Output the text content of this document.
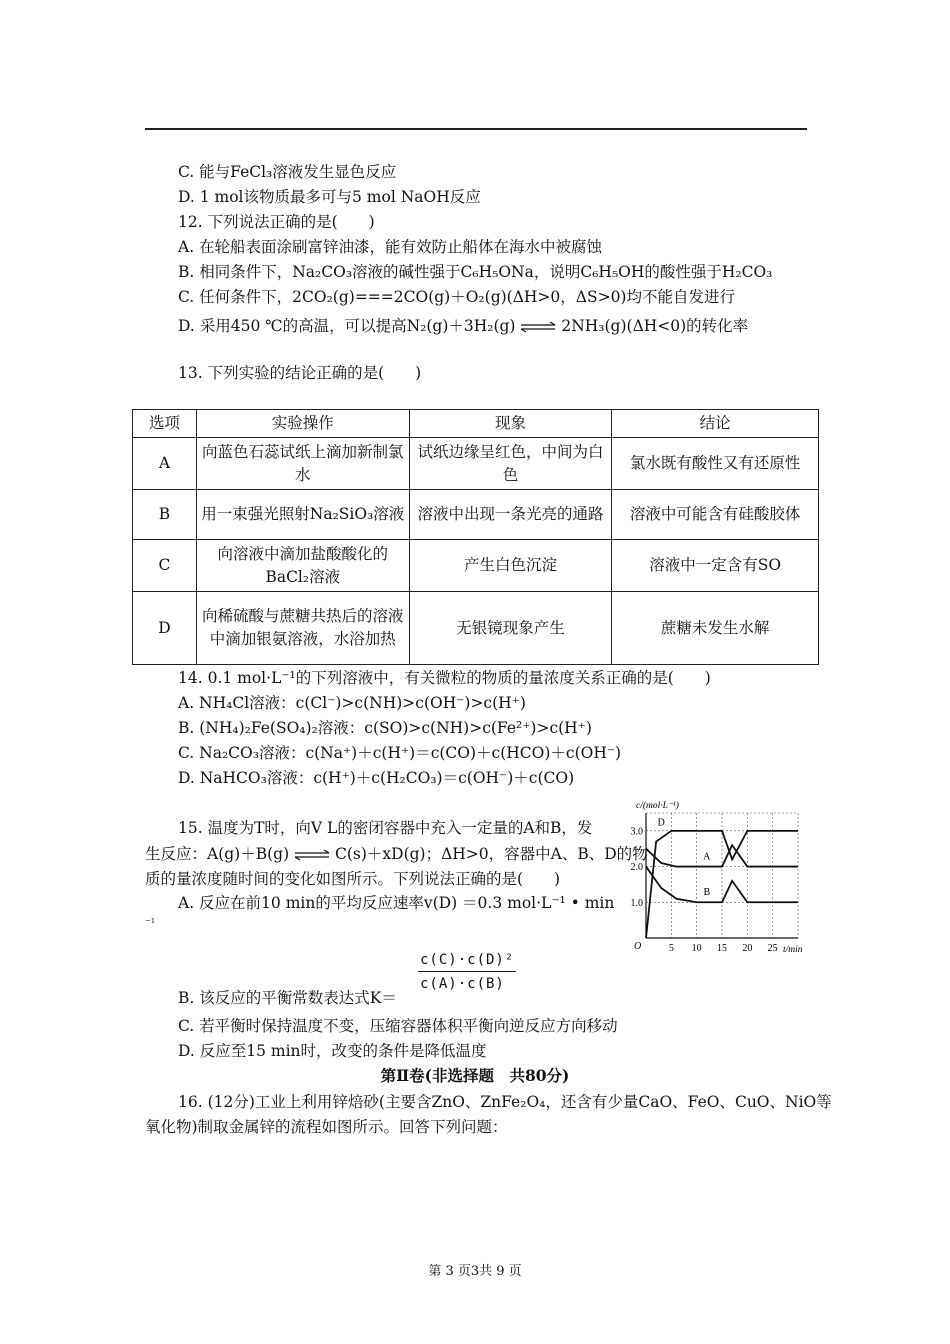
C. 能与FeCl₃溶液发生显色反应
D. 1 mol该物质最多可与5 mol NaOH反应
12. 下列说法正确的是(　　)
A. 在轮船表面涂刷富锌油漆，能有效防止船体在海水中被腐蚀
B. 相同条件下，Na₂CO₃溶液的碱性强于C₆H₅ONa，说明C₆H₅OH的酸性强于H₂CO₃
C. 任何条件下，2CO₂(g)===2CO(g)＋O₂(g)(ΔH>0，ΔS>0)均不能自发进行
D. 采用450 ℃的高温，可以提高N₂(g)＋3H₂(g) ⇌ 2NH₃(g)(ΔH<0)的转化率
13. 下列实验的结论正确的是(　　)
选项	实验操作	现象	结论
A	向蓝色石蕊试纸上滴加新制氯水	试纸边缘呈红色，中间为白色	氯水既有酸性又有还原性
B	用一束强光照射Na₂SiO₃溶液	溶液中出现一条光亮的通路	溶液中可能含有硅酸胶体
C	向溶液中滴加盐酸酸化的BaCl₂溶液	产生白色沉淀	溶液中一定含有SO
D	向稀硫酸与蔗糖共热后的溶液中滴加银氨溶液，水浴加热	无银镜现象产生	蔗糖未发生水解
14. 0.1 mol·L⁻¹的下列溶液中，有关微粒的物质的量浓度关系正确的是(　　)
A. NH₄Cl溶液：c(Cl⁻)>c(NH)>c(OH⁻)>c(H⁺)
B. (NH₄)₂Fe(SO₄)₂溶液：c(SO)>c(NH)>c(Fe²⁺)>c(H⁺)
C. Na₂CO₃溶液：c(Na⁺)＋c(H⁺)＝c(CO)＋c(HCO)＋c(OH⁻)
D. NaHCO₃溶液：c(H⁺)＋c(H₂CO₃)＝c(OH⁻)＋c(CO)
15. 温度为T时，向V L的密闭容器中充入一定量的A和B，发
生反应：A(g)＋B(g) ⇌ C(s)＋xD(g)；ΔH>0，容器中A、B、D的物
质的量浓度随时间的变化如图所示。下列说法正确的是(　　)
A. 反应在前10 min的平均反应速率v(D) ＝0.3 mol·L⁻¹ • min
⁻¹
$\frac{\text{c(C)·c(D)²}}{c(A)\cdot c(B)}$
B. 该反应的平衡常数表达式K＝
C. 若平衡时保持温度不变，压缩容器体积平衡向逆反应方向移动
D. 反应至15 min时，改变的条件是降低温度
第Ⅱ卷(非选择题　共80分)
16. (12分)工业上利用锌焙砂(主要含ZnO、ZnFe₂O₄，还含有少量CaO、FeO、CuO、NiO等
氧化物)制取金属锌的流程如图所示。回答下列问题：
c/(mol·L⁻¹)
t/min
O	5 10 15 20 25
1.0
2.0
3.0
D
A
B
第 3 页3共 9 页
